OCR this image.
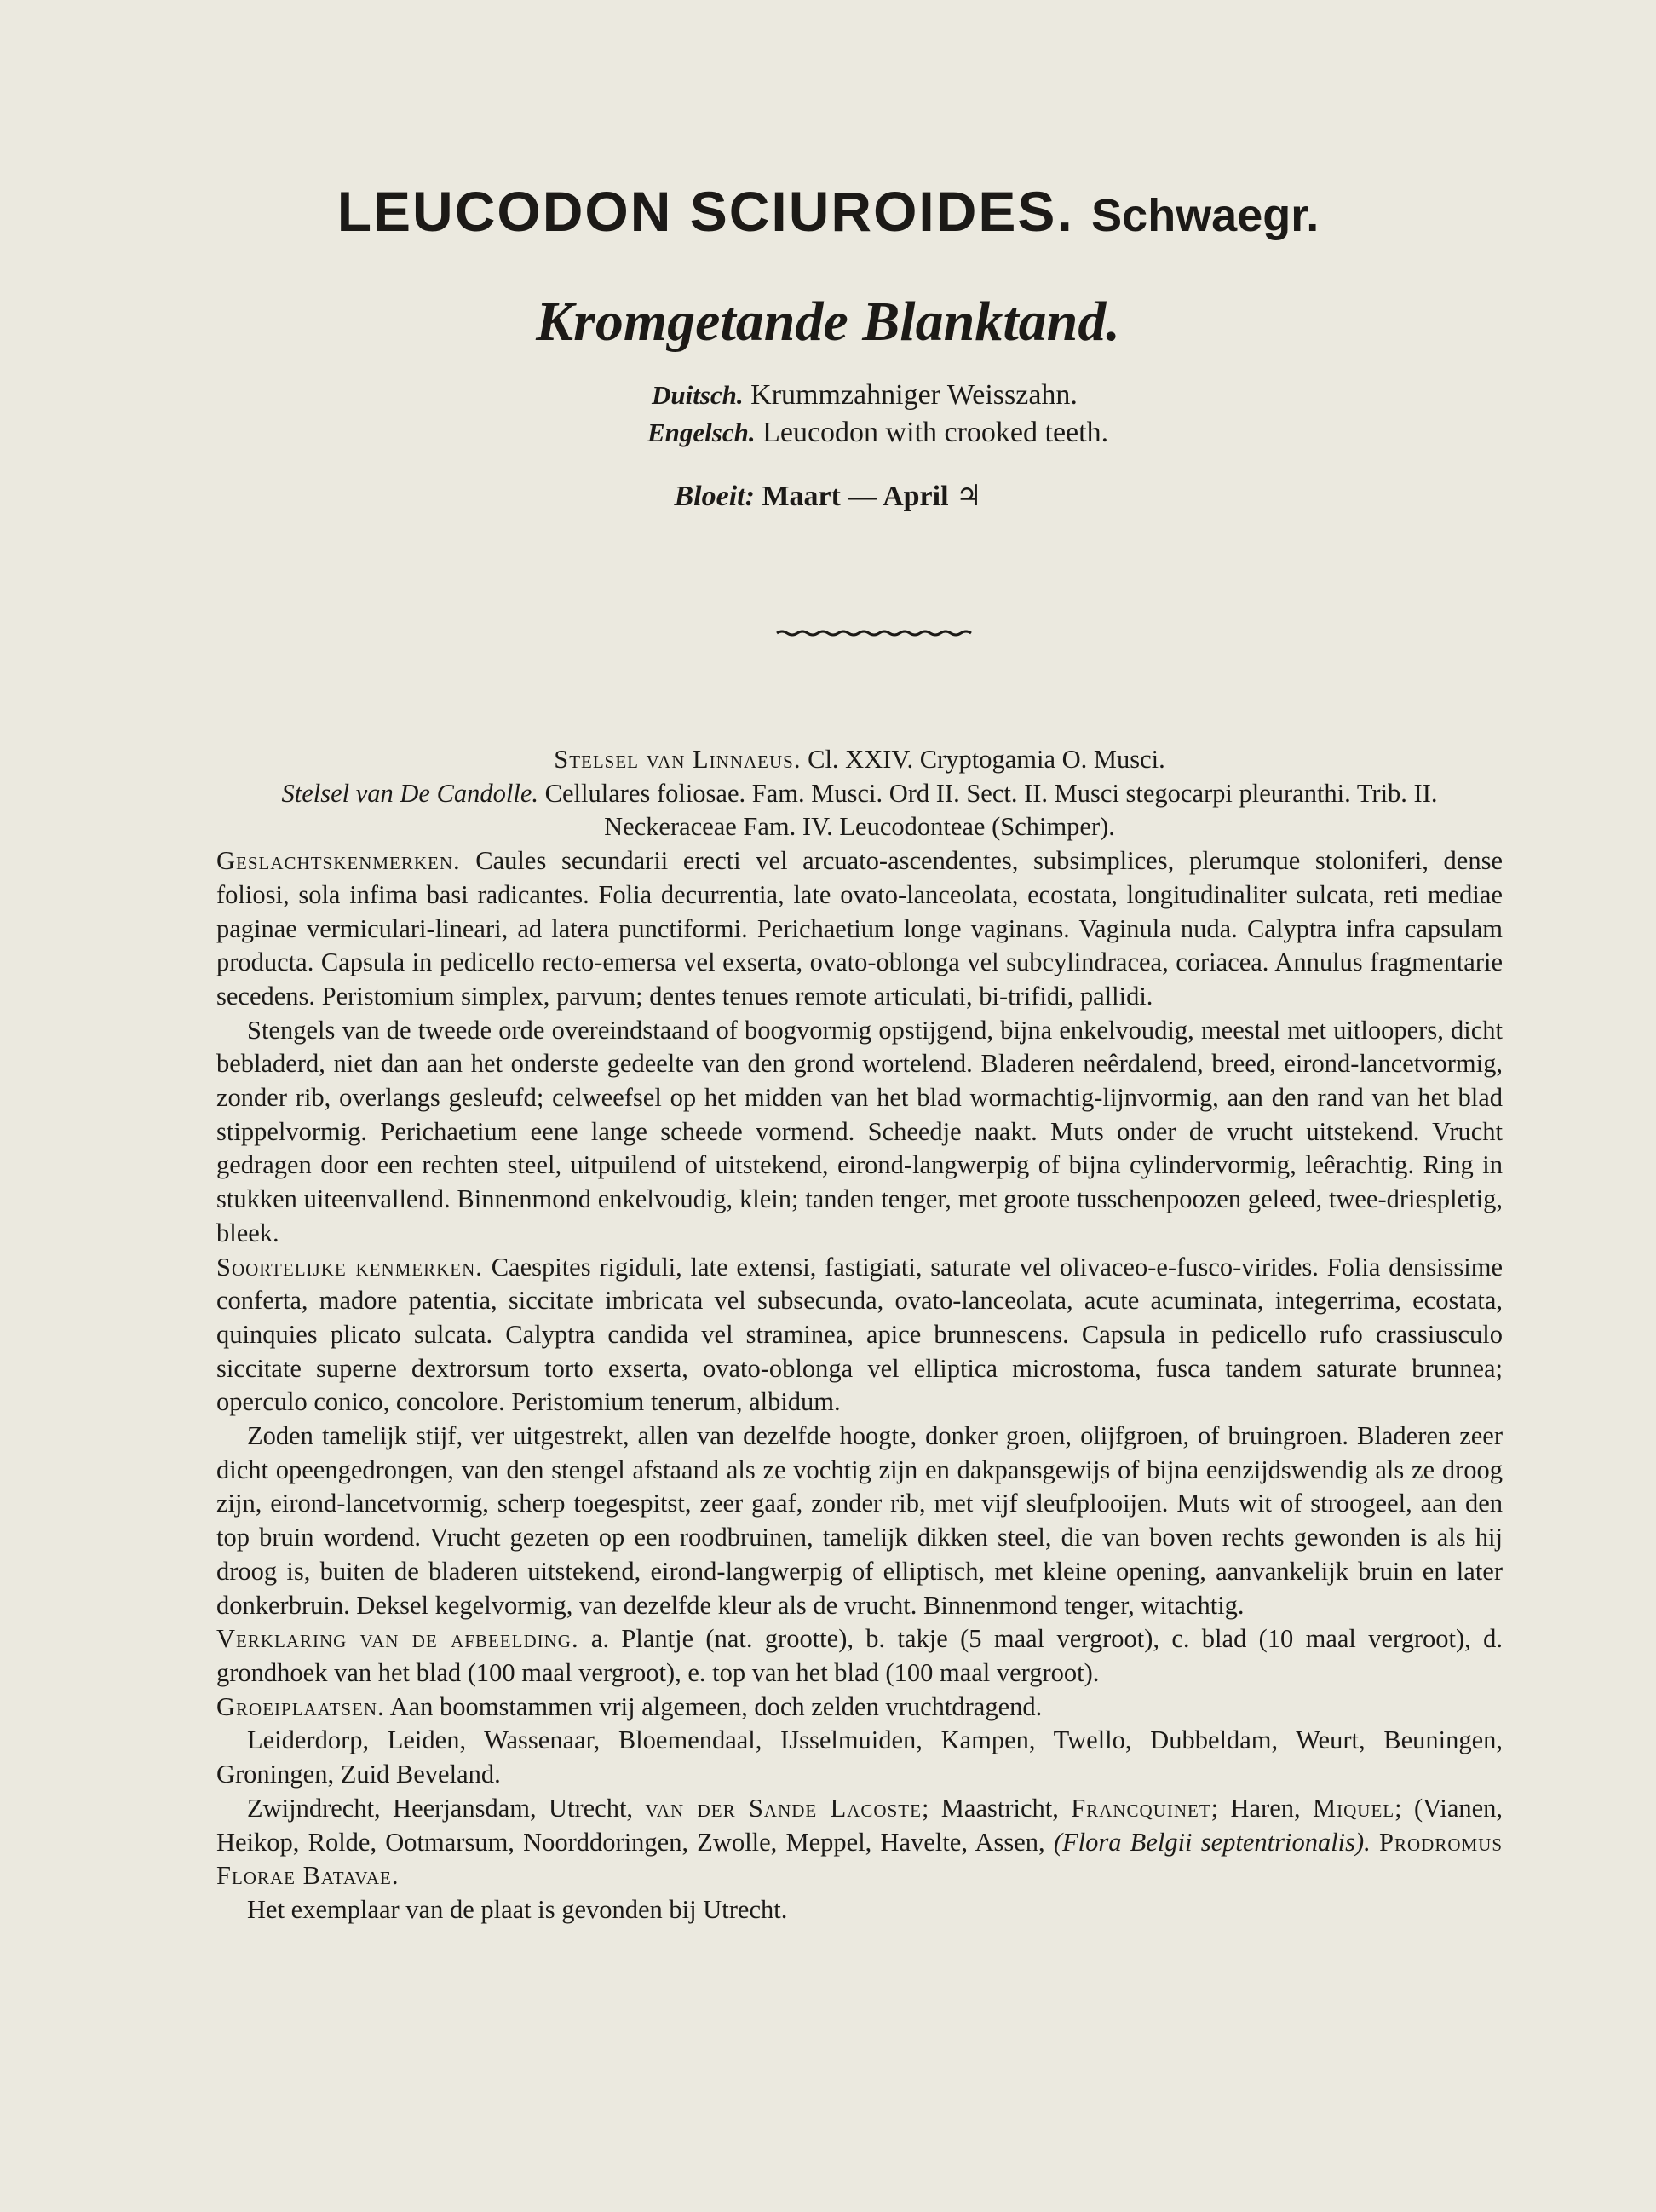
LEUCODON SCIUROIDES. Schwaegr.
Kromgetande Blanktand.
Duitsch. Krummzahniger Weisszahn.
Engelsch. Leucodon with crooked teeth.
Bloeit: Maart — April ♃

Stelsel van Linnaeus. Cl. XXIV. Cryptogamia O. Musci.

Stelsel van De Candolle. Cellulares foliosae. Fam. Musci. Ord II. Sect. II. Musci stegocarpi pleuranthi. Trib. II. Neckeraceae Fam. IV. Leucodonteae (Schimper).

Geslachtskenmerken. Caules secundarii erecti vel arcuato-ascendentes, subsimplices, plerumque stoloniferi, dense foliosi, sola infima basi radicantes. Folia decurrentia, late ovato-lanceolata, ecostata, longitudinaliter sulcata, reti mediae paginae vermiculari-lineari, ad latera punctiformi. Perichaetium longe vaginans. Vaginula nuda. Calyptra infra capsulam producta. Capsula in pedicello recto-emersa vel exserta, ovato-oblonga vel subcylindracea, coriacea. Annulus fragmentarie secedens. Peristomium simplex, parvum; dentes tenues remote articulati, bi-trifidi, pallidi.

Stengels van de tweede orde overeindstaand of boogvormig opstijgend, bijna enkelvoudig, meestal met uitloopers, dicht bebladerd, niet dan aan het onderste gedeelte van den grond wortelend. Bladeren neêrdalend, breed, eirond-lancetvormig, zonder rib, overlangs gesleufd; celweefsel op het midden van het blad wormachtig-lijnvormig, aan den rand van het blad stippelvormig. Perichaetium eene lange scheede vormend. Scheedje naakt. Muts onder de vrucht uitstekend. Vrucht gedragen door een rechten steel, uitpuilend of uitstekend, eirond-langwerpig of bijna cylindervormig, leêrachtig. Ring in stukken uiteenvallend. Binnenmond enkelvoudig, klein; tanden tenger, met groote tusschenpoozen geleed, twee-driespletig, bleek.

Soortelijke kenmerken. Caespites rigiduli, late extensi, fastigiati, saturate vel olivaceo-e-fusco-virides. Folia densissime conferta, madore patentia, siccitate imbricata vel subsecunda, ovato-lanceolata, acute acuminata, integerrima, ecostata, quinquies plicato sulcata. Calyptra candida vel straminea, apice brunnescens. Capsula in pedicello rufo crassiusculo siccitate superne dextrorsum torto exserta, ovato-oblonga vel elliptica microstoma, fusca tandem saturate brunnea; operculo conico, concolore. Peristomium tenerum, albidum.

Zoden tamelijk stijf, ver uitgestrekt, allen van dezelfde hoogte, donker groen, olijfgroen, of bruingroen. Bladeren zeer dicht opeengedrongen, van den stengel afstaand als ze vochtig zijn en dakpansgewijs of bijna eenzijdswendig als ze droog zijn, eirond-lancetvormig, scherp toegespitst, zeer gaaf, zonder rib, met vijf sleufplooijen. Muts wit of stroogeel, aan den top bruin wordend. Vrucht gezeten op een roodbruinen, tamelijk dikken steel, die van boven rechts gewonden is als hij droog is, buiten de bladeren uitstekend, eirond-langwerpig of elliptisch, met kleine opening, aanvankelijk bruin en later donkerbruin. Deksel kegelvormig, van dezelfde kleur als de vrucht. Binnenmond tenger, witachtig.

Verklaring van de afbeelding. a. Plantje (nat. grootte), b. takje (5 maal vergroot), c. blad (10 maal vergroot), d. grondhoek van het blad (100 maal vergroot), e. top van het blad (100 maal vergroot).

Groeiplaatsen. Aan boomstammen vrij algemeen, doch zelden vruchtdragend.

Leiderdorp, Leiden, Wassenaar, Bloemendaal, IJsselmuiden, Kampen, Twello, Dubbeldam, Weurt, Beuningen, Groningen, Zuid Beveland.

Zwijndrecht, Heerjansdam, Utrecht, van der Sande Lacoste; Maastricht, Francquinet; Haren, Miquel; (Vianen, Heikop, Rolde, Ootmarsum, Noorddoringen, Zwolle, Meppel, Havelte, Assen, (Flora Belgii septentrionalis). Prodromus Florae Batavae.

Het exemplaar van de plaat is gevonden bij Utrecht.
